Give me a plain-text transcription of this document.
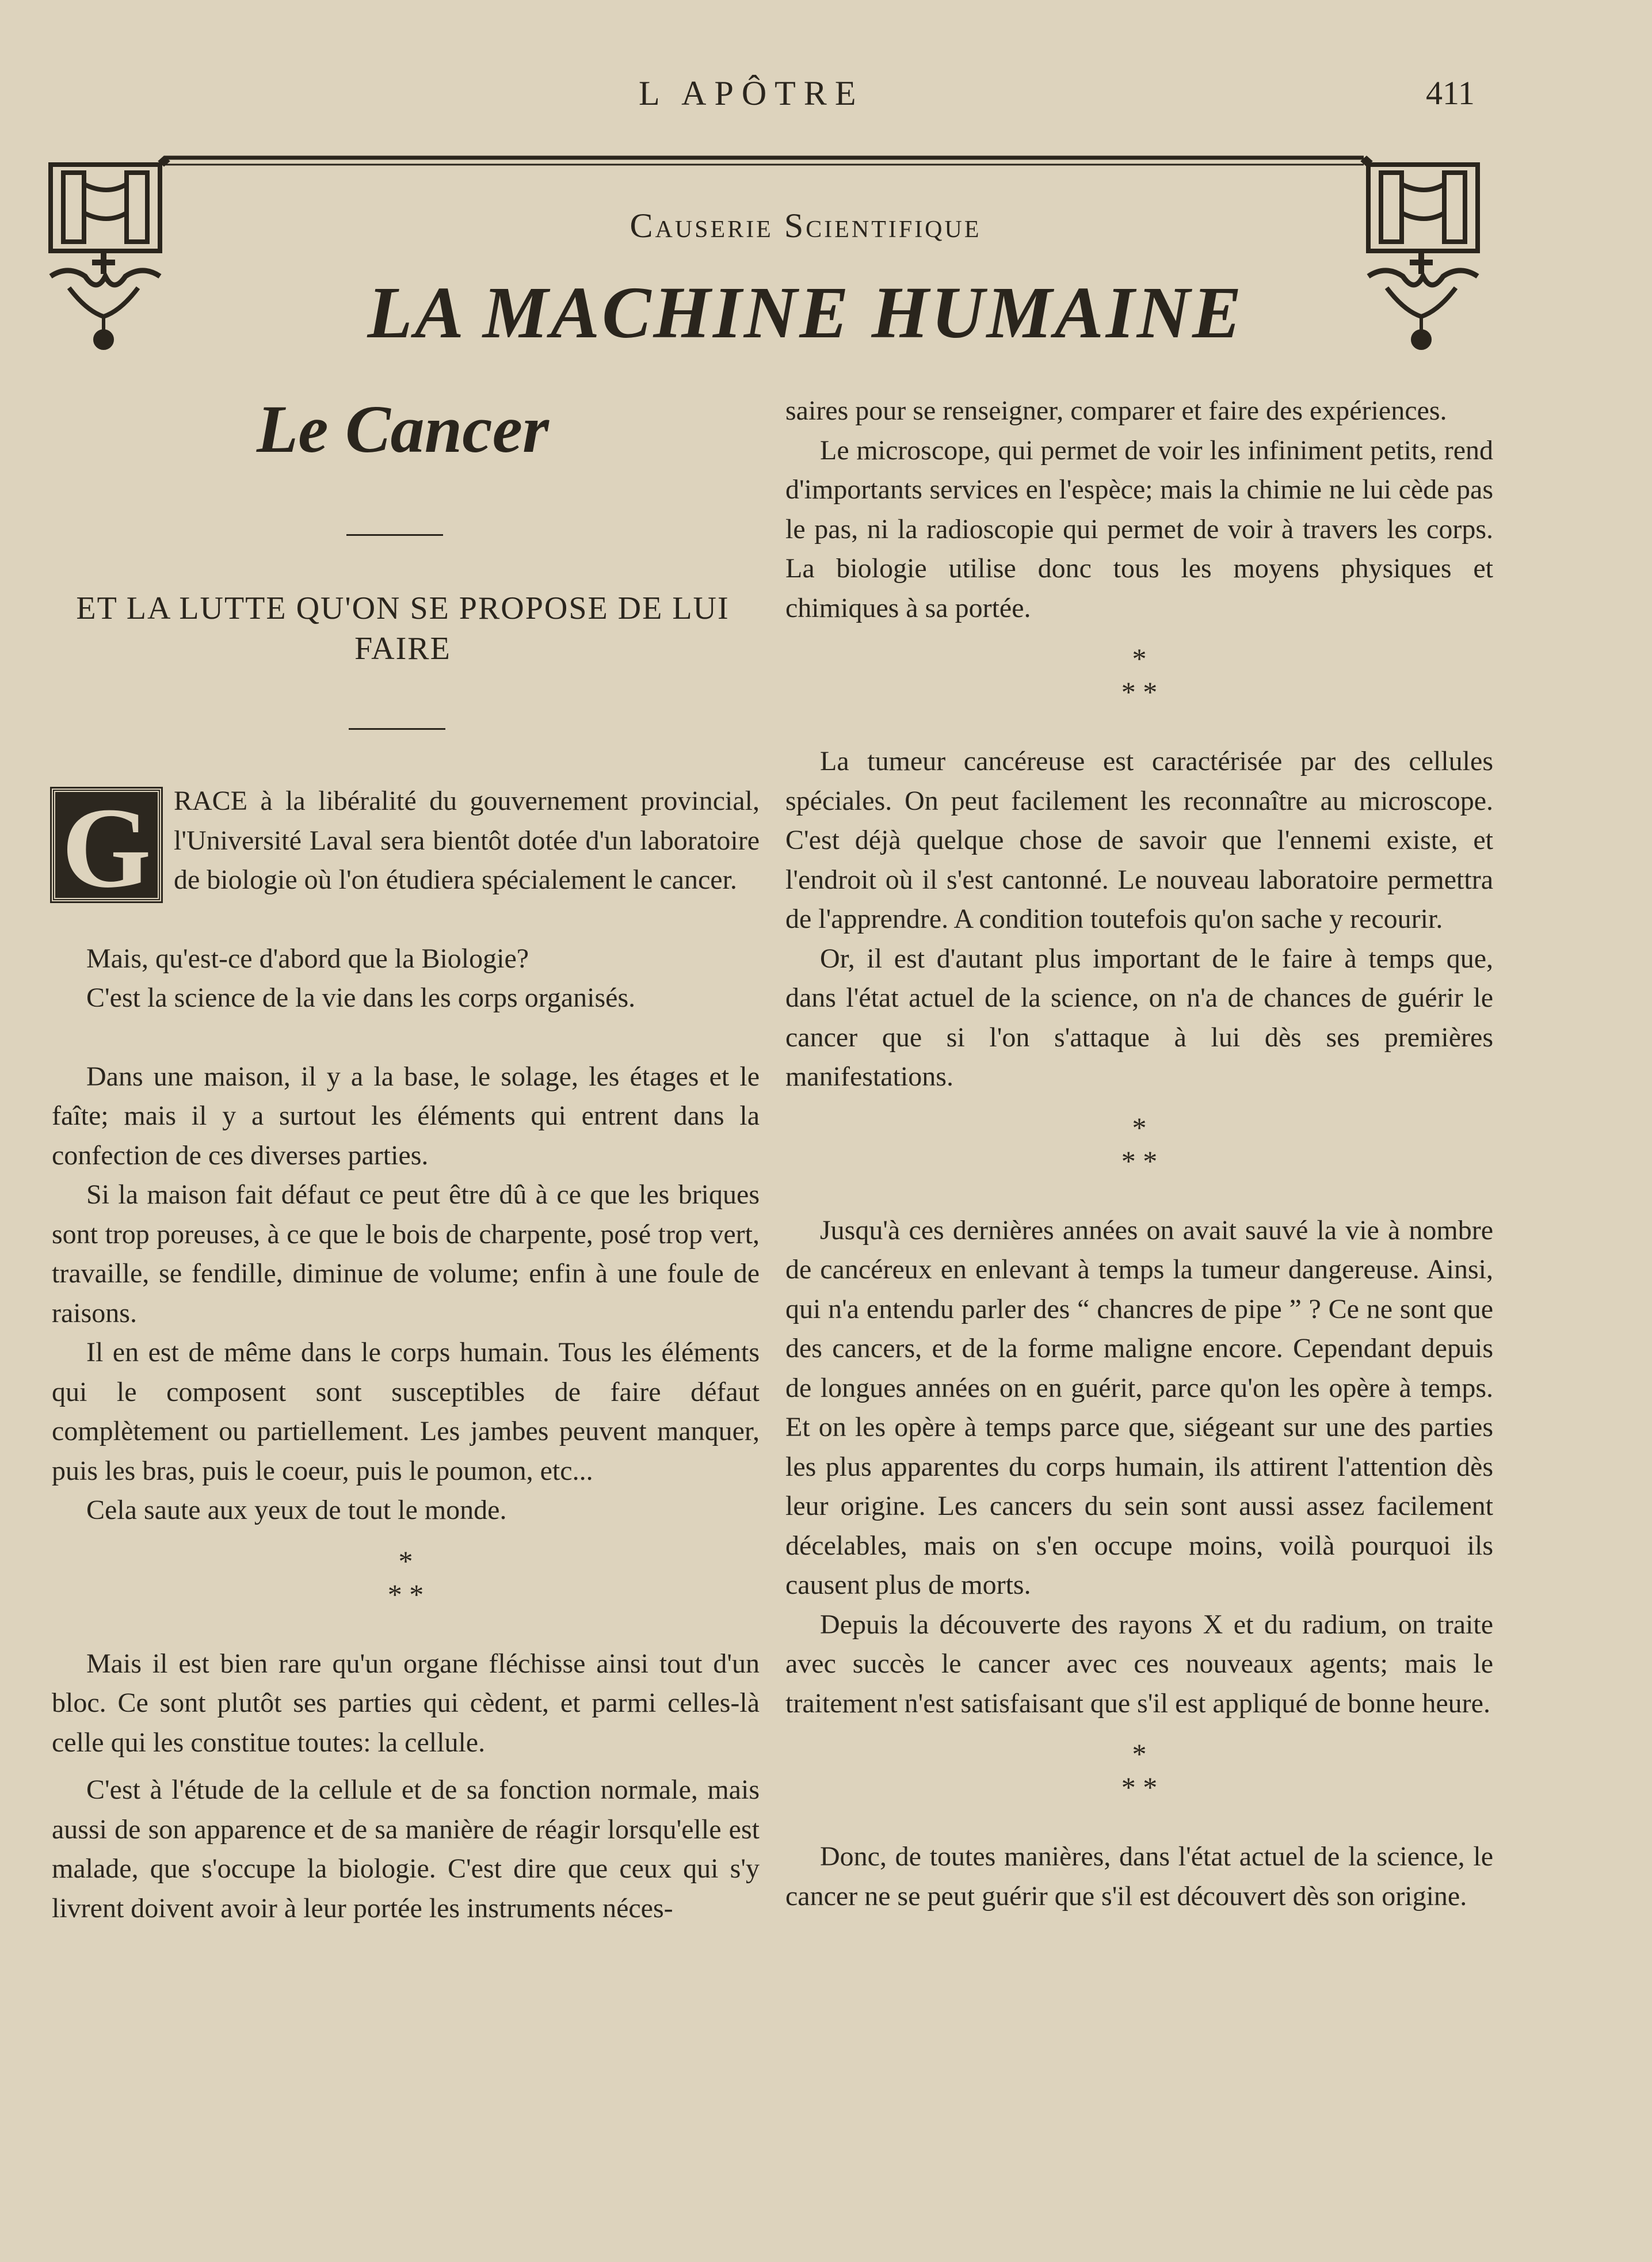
L APÔTRE	411
Causerie Scientifique
LA MACHINE HUMAINE
Le Cancer
ET LA LUTTE QU'ON SE PROPOSE DE LUI FAIRE

G RACE à la libéralité du gouvernement provincial, l'Université Laval sera bientôt dotée d'un laboratoire de biologie où l'on étudiera spécialement le cancer.

Mais, qu'est-ce d'abord que la Biologie?

C'est la science de la vie dans les corps organisés.

Dans une maison, il y a la base, le solage, les étages et le faîte; mais il y a surtout les éléments qui entrent dans la confection de ces diverses parties.

Si la maison fait défaut ce peut être dû à ce que les briques sont trop poreuses, à ce que le bois de charpente, posé trop vert, travaille, se fendille, diminue de volume; enfin à une foule de raisons.

Il en est de même dans le corps humain. Tous les éléments qui le composent sont susceptibles de faire défaut complètement ou partiellement. Les jambes peuvent manquer, puis les bras, puis le coeur, puis le poumon, etc...

Cela saute aux yeux de tout le monde.

*
* *

Mais il est bien rare qu'un organe fléchisse ainsi tout d'un bloc. Ce sont plutôt ses parties qui cèdent, et parmi celles-là celle qui les constitue toutes: la cellule.

C'est à l'étude de la cellule et de sa fonction normale, mais aussi de son apparence et de sa manière de réagir lorsqu'elle est malade, que s'occupe la biologie. C'est dire que ceux qui s'y livrent doivent avoir à leur portée les instruments néces-

saires pour se renseigner, comparer et faire des expériences.

Le microscope, qui permet de voir les infiniment petits, rend d'importants services en l'espèce; mais la chimie ne lui cède pas le pas, ni la radioscopie qui permet de voir à travers les corps. La biologie utilise donc tous les moyens physiques et chimiques à sa portée.

*
* *

La tumeur cancéreuse est caractérisée par des cellules spéciales. On peut facilement les reconnaître au microscope. C'est déjà quelque chose de savoir que l'ennemi existe, et l'endroit où il s'est cantonné. Le nouveau laboratoire permettra de l'apprendre. A condition toutefois qu'on sache y recourir.

Or, il est d'autant plus important de le faire à temps que, dans l'état actuel de la science, on n'a de chances de guérir le cancer que si l'on s'attaque à lui dès ses premières manifestations.

*
* *

Jusqu'à ces dernières années on avait sauvé la vie à nombre de cancéreux en enlevant à temps la tumeur dangereuse. Ainsi, qui n'a entendu parler des “ chancres de pipe ” ? Ce ne sont que des cancers, et de la forme maligne encore. Cependant depuis de longues années on en guérit, parce qu'on les opère à temps. Et on les opère à temps parce que, siégeant sur une des parties les plus apparentes du corps humain, ils attirent l'attention dès leur origine. Les cancers du sein sont aussi assez facilement décelables, mais on s'en occupe moins, voilà pourquoi ils causent plus de morts.

Depuis la découverte des rayons X et du radium, on traite avec succès le cancer avec ces nouveaux agents; mais le traitement n'est satisfaisant que s'il est appliqué de bonne heure.

*
* *

Donc, de toutes manières, dans l'état actuel de la science, le cancer ne se peut guérir que s'il est découvert dès son origine.
